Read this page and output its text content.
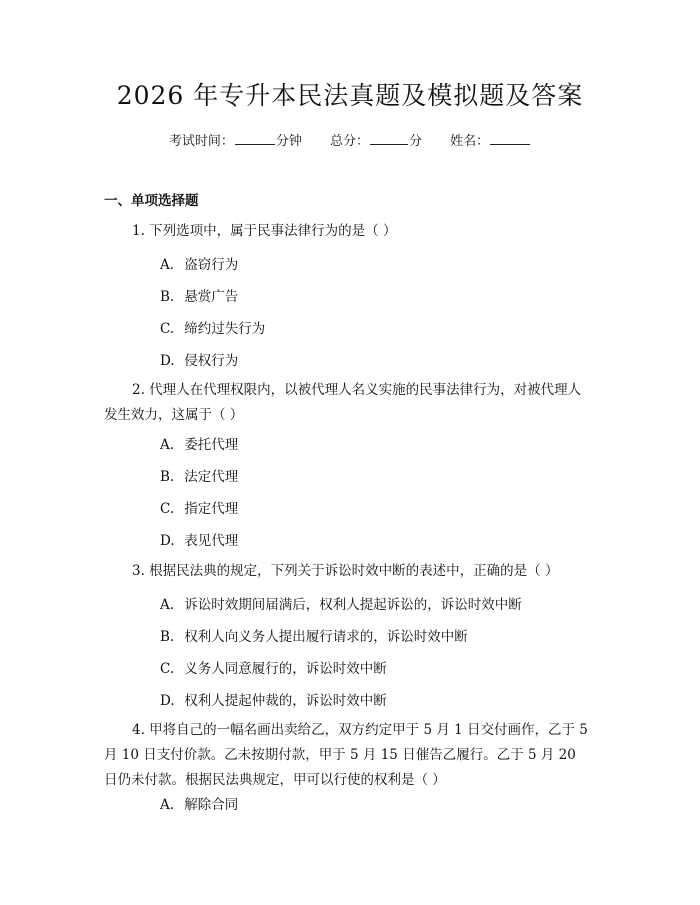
2026 年专升本民法真题及模拟题及答案
考试时间：	分钟 总分：	分 姓名：
一、单项选择题

1. 下列选项中，属于民事法律行为的是（ ）

A. 盗窃行为
B. 悬赏广告
C. 缔约过失行为
D. 侵权行为

2. 代理人在代理权限内，以被代理人名义实施的民事法律行为，对被代理人发生效力，这属于（ ）

A. 委托代理
B. 法定代理
C. 指定代理
D. 表见代理

3. 根据民法典的规定，下列关于诉讼时效中断的表述中，正确的是（ ）

A. 诉讼时效期间届满后，权利人提起诉讼的，诉讼时效中断
B. 权利人向义务人提出履行请求的，诉讼时效中断
C. 义务人同意履行的，诉讼时效中断
D. 权利人提起仲裁的，诉讼时效中断

4. 甲将自己的一幅名画出卖给乙，双方约定甲于 5 月 1 日交付画作，乙于 5 月 10 日支付价款。乙未按期付款，甲于 5 月 15 日催告乙履行。乙于 5 月 20 日仍未付款。根据民法典规定，甲可以行使的权利是（ ）

A. 解除合同
